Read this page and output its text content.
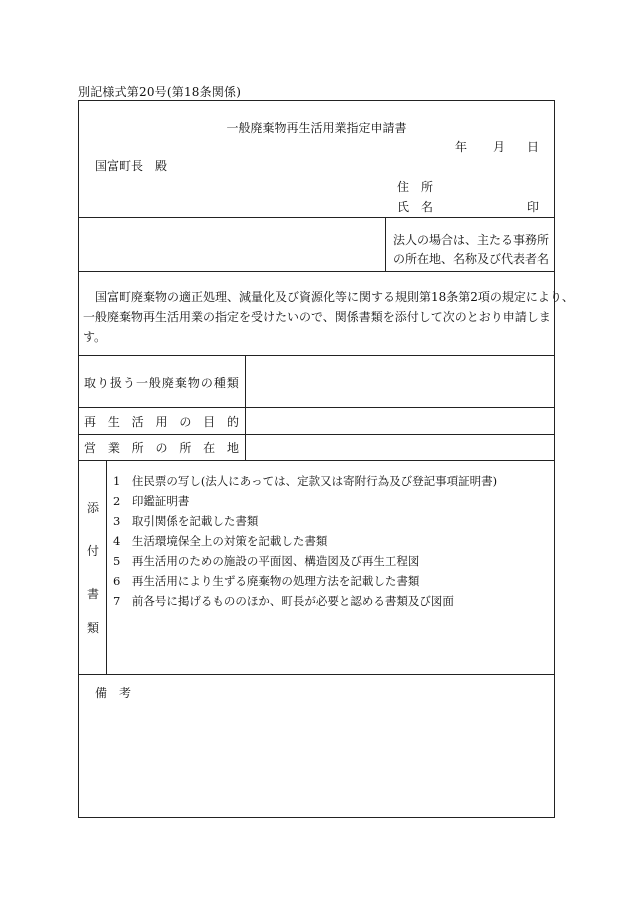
別記様式第20号(第18条関係)
一般廃棄物再生活用業指定申請書
年 月 日
国富町長　殿
住　所
氏　名	印
法人の場合は、主たる事務所
の所在地、名称及び代表者名
国富町廃棄物の適正処理、減量化及び資源化等に関する規則第18条第2項の規定により、
一般廃棄物再生活用業の指定を受けたいので、関係書類を添付して次のとおり申請しま
す。
取 り 扱 う 一 般 廃 棄 物 の 種 類
再 生 活 用 の 目 的
営 業 所 の 所 在 地
添
付
書
類
1　住民票の写し(法人にあっては、定款又は寄附行為及び登記事項証明書)
2　印鑑証明書
3　取引関係を記載した書類
4　生活環境保全上の対策を記載した書類
5　再生活用のための施設の平面図、構造図及び再生工程図
6　再生活用により生ずる廃棄物の処理方法を記載した書類
7　前各号に掲げるもののほか、町長が必要と認める書類及び図面
備　考
